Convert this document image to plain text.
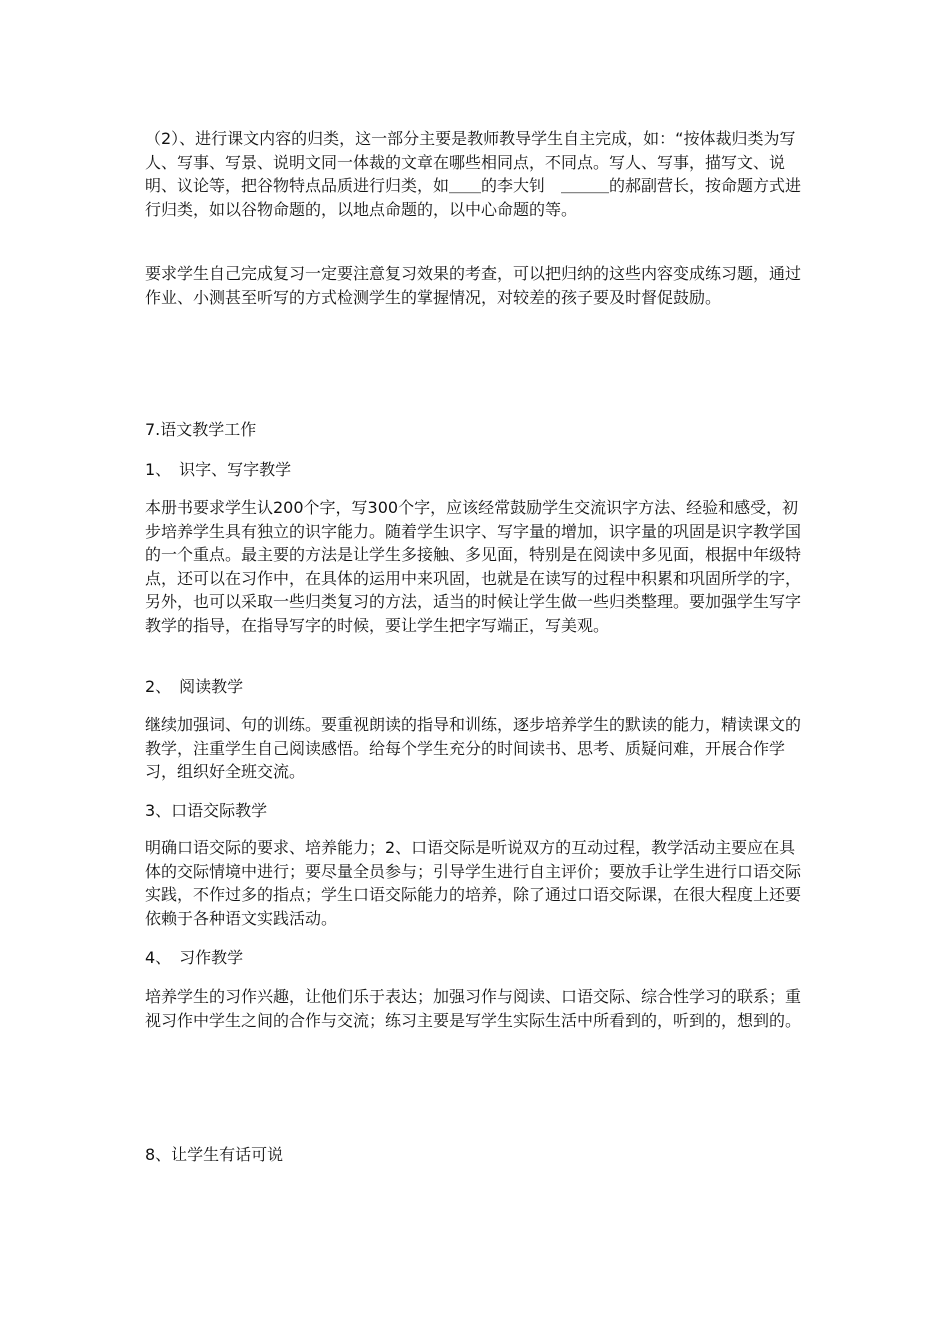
（2）、进行课文内容的归类，这一部分主要是教师教导学生自主完成，如：“按体裁归类为写人、写事、写景、说明文同一体裁的文章在哪些相同点，不同点。写人、写事，描写文、说明、议论等，把谷物特点品质进行归类，如＿＿的李大钊　＿＿＿的郝副营长，按命题方式进行归类，如以谷物命题的，以地点命题的，以中心命题的等。

要求学生自己完成复习一定要注意复习效果的考查，可以把归纳的这些内容变成练习题，通过作业、小测甚至听写的方式检测学生的掌握情况，对较差的孩子要及时督促鼓励。

7.语文教学工作

1、　识字、写字教学

本册书要求学生认200个字，写300个字，应该经常鼓励学生交流识字方法、经验和感受，初步培养学生具有独立的识字能力。随着学生识字、写字量的增加，识字量的巩固是识字教学国的一个重点。最主要的方法是让学生多接触、多见面，特别是在阅读中多见面，根据中年级特点，还可以在习作中，在具体的运用中来巩固，也就是在读写的过程中积累和巩固所学的字，另外，也可以采取一些归类复习的方法，适当的时候让学生做一些归类整理。要加强学生写字教学的指导，在指导写字的时候，要让学生把字写端正，写美观。

2、　阅读教学

继续加强词、句的训练。要重视朗读的指导和训练，逐步培养学生的默读的能力，精读课文的教学，注重学生自己阅读感悟。给每个学生充分的时间读书、思考、质疑问难，开展合作学习，组织好全班交流。

3、口语交际教学

明确口语交际的要求、培养能力；2、口语交际是听说双方的互动过程，教学活动主要应在具体的交际情境中进行；要尽量全员参与；引导学生进行自主评价；要放手让学生进行口语交际实践，不作过多的指点；学生口语交际能力的培养，除了通过口语交际课，在很大程度上还要依赖于各种语文实践活动。

4、　习作教学

培养学生的习作兴趣，让他们乐于表达；加强习作与阅读、口语交际、综合性学习的联系；重视习作中学生之间的合作与交流；练习主要是写学生实际生活中所看到的，听到的，想到的。

8、让学生有话可说
